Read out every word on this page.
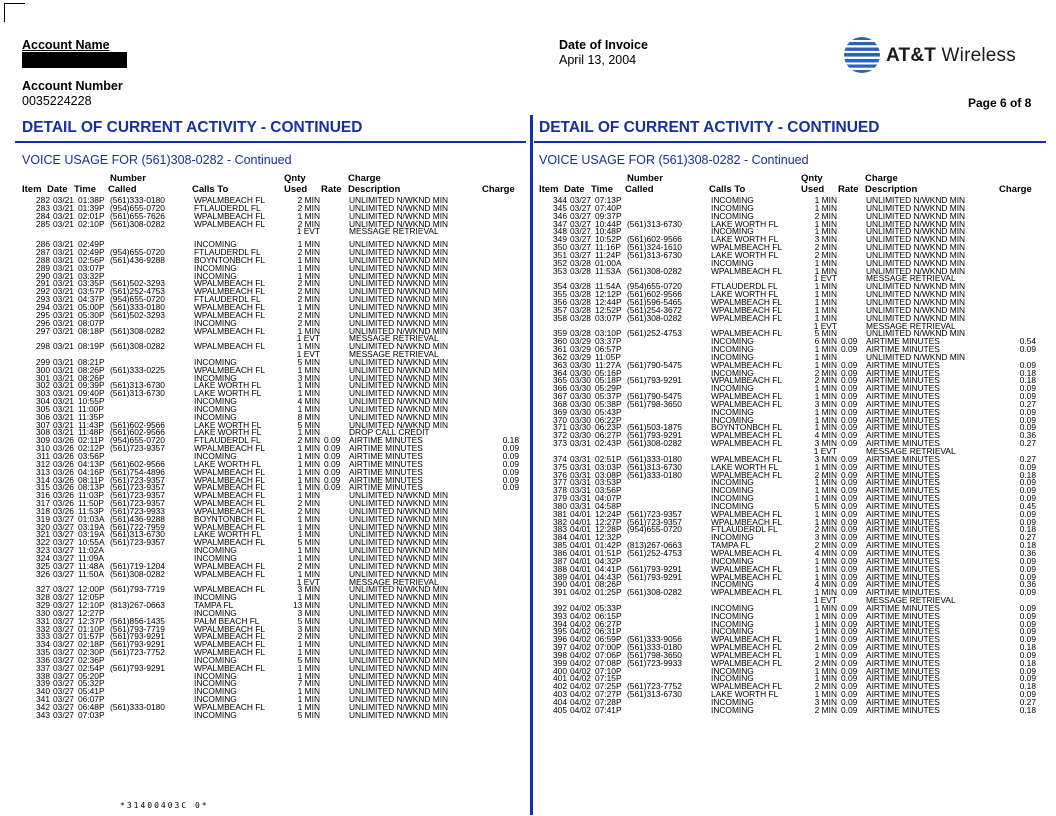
Account Name
Account Number
0035224228
Date of Invoice
April 13, 2004	AT&T Wireless
Page 6 of 8
DETAIL OF CURRENT ACTIVITY - CONTINUED	DETAIL OF CURRENT ACTIVITY - CONTINUED
VOICE USAGE FOR (561)308-0282 - Continued	VOICE USAGE FOR (561)308-0282 - Continued
Number	Qnty	Charge
Item Date Time Called	Calls To	Used Rate Description	Charge
282 03/21 01:38P (561)333-0180	WPALMBEACH FL	2 MIN	UNLIMITED N/WKND MIN
283 03/21 01:39P (954)655-0720	FTLAUDERDL FL	2 MIN	UNLIMITED N/WKND MIN
284 03/21 02:01P (561)655-7626	WPALMBEACH FL	1 MIN	UNLIMITED N/WKND MIN
285 03/21 02:10P (561)308-0282	WPALMBEACH FL	2 MIN	UNLIMITED N/WKND MIN
1 EVT	MESSAGE RETRIEVAL
286 03/21 02:49P	INCOMING	1 MIN	UNLIMITED N/WKND MIN
287 03/21 02:49P (954)655-0720	FTLAUDERDL FL	2 MIN	UNLIMITED N/WKND MIN
288 03/21 02:56P (561)436-9288	BOYNTONBCH FL	1 MIN	UNLIMITED N/WKND MIN
289 03/21 03:07P	INCOMING	1 MIN	UNLIMITED N/WKND MIN
290 03/21 03:32P	INCOMING	1 MIN	UNLIMITED N/WKND MIN
291 03/21 03:35P (561)502-3293	WPALMBEACH FL	2 MIN	UNLIMITED N/WKND MIN
292 03/21 03:57P (561)252-4753	WPALMBEACH FL	2 MIN	UNLIMITED N/WKND MIN
293 03/21 04:37P (954)655-0720	FTLAUDERDL FL	2 MIN	UNLIMITED N/WKND MIN
294 03/21 05:00P (561)333-0180	WPALMBEACH FL	1 MIN	UNLIMITED N/WKND MIN
295 03/21 05:30P (561)502-3293	WPALMBEACH FL	2 MIN	UNLIMITED N/WKND MIN
296 03/21 08:07P	INCOMING	2 MIN	UNLIMITED N/WKND MIN
297 03/21 08:18P (561)308-0282	WPALMBEACH FL	1 MIN	UNLIMITED N/WKND MIN
1 EVT	MESSAGE RETRIEVAL
298 03/21 08:19P (561)308-0282	WPALMBEACH FL	1 MIN	UNLIMITED N/WKND MIN
1 EVT	MESSAGE RETRIEVAL
299 03/21 08:21P	INCOMING	5 MIN	UNLIMITED N/WKND MIN
300 03/21 08:26P (561)333-0225	WPALMBEACH FL	1 MIN	UNLIMITED N/WKND MIN
301 03/21 08:26P	INCOMING	3 MIN	UNLIMITED N/WKND MIN
302 03/21 09:39P (561)313-6730	LAKE WORTH FL	1 MIN	UNLIMITED N/WKND MIN
303 03/21 09:40P (561)313-6730	LAKE WORTH FL	1 MIN	UNLIMITED N/WKND MIN
304 03/21 10:55P	INCOMING	4 MIN	UNLIMITED N/WKND MIN
305 03/21 11:00P	INCOMING	1 MIN	UNLIMITED N/WKND MIN
306 03/21 11:35P	INCOMING	8 MIN	UNLIMITED N/WKND MIN
307 03/21 11:43P (561)602-9566	LAKE WORTH FL	5 MIN	UNLIMITED N/WKND MIN
308 03/21 11:48P (561)602-9566	LAKE WORTH FL	1 MIN	DROP CALL CREDIT
309 03/26 02:11P (954)655-0720	FTLAUDERDL FL	2 MIN 0.09 AIRTIME MINUTES	0.18
310 03/26 02:12P (561)723-9357	WPALMBEACH FL	1 MIN 0.09 AIRTIME MINUTES	0.09
311 03/26 03:56P	INCOMING	1 MIN 0.09 AIRTIME MINUTES	0.09
312 03/26 04:13P (561)602-9566	LAKE WORTH FL	1 MIN 0.09 AIRTIME MINUTES	0.09
313 03/26 04:16P (561)754-4896	WPALMBEACH FL	1 MIN 0.09 AIRTIME MINUTES	0.09
314 03/26 08:11P (561)723-9357	WPALMBEACH FL	1 MIN 0.09 AIRTIME MINUTES	0.09
315 03/26 08:13P (561)723-9357	WPALMBEACH FL	1 MIN 0.09 AIRTIME MINUTES	0.09
316 03/26 11:03P (561)723-9357	WPALMBEACH FL	1 MIN	UNLIMITED N/WKND MIN
317 03/26 11:50P (561)723-9357	WPALMBEACH FL	2 MIN	UNLIMITED N/WKND MIN
318 03/26 11:53P (561)723-9933	WPALMBEACH FL	2 MIN	UNLIMITED N/WKND MIN
319 03/27 01:03A (561)436-9288	BOYNTONBCH FL	1 MIN	UNLIMITED N/WKND MIN
320 03/27 03:19A (561)722-7959	WPALMBEACH FL	1 MIN	UNLIMITED N/WKND MIN
321 03/27 03:19A (561)313-6730	LAKE WORTH FL	1 MIN	UNLIMITED N/WKND MIN
322 03/27 10:55A (561)723-9357	WPALMBEACH FL	5 MIN	UNLIMITED N/WKND MIN
323 03/27 11:02A	INCOMING	1 MIN	UNLIMITED N/WKND MIN
324 03/27 11:09A	INCOMING	1 MIN	UNLIMITED N/WKND MIN
325 03/27 11:48A (561)719-1204	WPALMBEACH FL	2 MIN	UNLIMITED N/WKND MIN
326 03/27 11:50A (561)308-0282	WPALMBEACH FL	1 MIN	UNLIMITED N/WKND MIN
1 EVT	MESSAGE RETRIEVAL
327 03/27 12:00P (561)793-7719	WPALMBEACH FL	3 MIN	UNLIMITED N/WKND MIN
328 03/27 12:05P	INCOMING	1 MIN	UNLIMITED N/WKND MIN
329 03/27 12:10P (813)267-0663	TAMPA FL	13 MIN	UNLIMITED N/WKND MIN
330 03/27 12:27P	INCOMING	3 MIN	UNLIMITED N/WKND MIN
331 03/27 12:37P (561)856-1435	PALM BEACH FL	5 MIN	UNLIMITED N/WKND MIN
332 03/27 01:10P (561)793-7719	WPALMBEACH FL	3 MIN	UNLIMITED N/WKND MIN
333 03/27 01:57P (561)793-9291	WPALMBEACH FL	2 MIN	UNLIMITED N/WKND MIN
334 03/27 02:18P (561)793-9291	WPALMBEACH FL	1 MIN	UNLIMITED N/WKND MIN
335 03/27 02:30P (561)723-7752	WPALMBEACH FL	1 MIN	UNLIMITED N/WKND MIN
336 03/27 02:36P	INCOMING	5 MIN	UNLIMITED N/WKND MIN
337 03/27 02:54P (561)793-9291	WPALMBEACH FL	1 MIN	UNLIMITED N/WKND MIN
338 03/27 05:20P	INCOMING	1 MIN	UNLIMITED N/WKND MIN
339 03/27 05:32P	INCOMING	7 MIN	UNLIMITED N/WKND MIN
340 03/27 05:41P	INCOMING	1 MIN	UNLIMITED N/WKND MIN
341 03/27 06:07P	INCOMING	1 MIN	UNLIMITED N/WKND MIN
342 03/27 06:48P (561)333-0180	WPALMBEACH FL	1 MIN	UNLIMITED N/WKND MIN
343 03/27 07:03P	INCOMING	5 MIN	UNLIMITED N/WKND MIN
Number	Qnty	Charge
Item Date Time Called	Calls To	Used Rate Description	Charge
344 03/27 07:13P	INCOMING	1 MIN	UNLIMITED N/WKND MIN
345 03/27 07:40P	INCOMING	1 MIN	UNLIMITED N/WKND MIN
346 03/27 09:37P	INCOMING	2 MIN	UNLIMITED N/WKND MIN
347 03/27 10:44P (561)313-6730	LAKE WORTH FL	1 MIN	UNLIMITED N/WKND MIN
348 03/27 10:48P	INCOMING	1 MIN	UNLIMITED N/WKND MIN
349 03/27 10:52P (561)602-9566	LAKE WORTH FL	3 MIN	UNLIMITED N/WKND MIN
350 03/27 11:16P (561)324-1610	WPALMBEACH FL	2 MIN	UNLIMITED N/WKND MIN
351 03/27 11:24P (561)313-6730	LAKE WORTH FL	2 MIN	UNLIMITED N/WKND MIN
352 03/28 01:00A	INCOMING	1 MIN	UNLIMITED N/WKND MIN
353 03/28 11:53A (561)308-0282	WPALMBEACH FL	1 MIN	UNLIMITED N/WKND MIN
1 EVT	MESSAGE RETRIEVAL
354 03/28 11:54A (954)655-0720	FTLAUDERDL FL	1 MIN	UNLIMITED N/WKND MIN
355 03/28 12:12P (561)602-9566	LAKE WORTH FL	1 MIN	UNLIMITED N/WKND MIN
356 03/28 12:44P (561)596-5465	WPALMBEACH FL	1 MIN	UNLIMITED N/WKND MIN
357 03/28 12:52P (561)254-3672	WPALMBEACH FL	1 MIN	UNLIMITED N/WKND MIN
358 03/28 03:07P (561)308-0282	WPALMBEACH FL	1 MIN	UNLIMITED N/WKND MIN
1 EVT	MESSAGE RETRIEVAL
359 03/28 03:10P (561)252-4753	WPALMBEACH FL	5 MIN	UNLIMITED N/WKND MIN
360 03/29 03:37P	INCOMING	6 MIN 0.09 AIRTIME MINUTES	0.54
361 03/29 06:57P	INCOMING	1 MIN 0.09 AIRTIME MINUTES	0.09
362 03/29 11:05P	INCOMING	1 MIN	UNLIMITED N/WKND MIN
363 03/30 11:27A (561)790-5475	WPALMBEACH FL	1 MIN 0.09 AIRTIME MINUTES	0.09
364 03/30 05:16P	INCOMING	2 MIN 0.09 AIRTIME MINUTES	0.18
365 03/30 05:18P (561)793-9291	WPALMBEACH FL	2 MIN 0.09 AIRTIME MINUTES	0.18
366 03/30 05:29P	INCOMING	1 MIN 0.09 AIRTIME MINUTES	0.09
367 03/30 05:37P (561)790-5475	WPALMBEACH FL	1 MIN 0.09 AIRTIME MINUTES	0.09
368 03/30 05:38P (561)798-3650	WPALMBEACH FL	3 MIN 0.09 AIRTIME MINUTES	0.27
369 03/30 05:43P	INCOMING	1 MIN 0.09 AIRTIME MINUTES	0.09
370 03/30 06:22P	INCOMING	1 MIN 0.09 AIRTIME MINUTES	0.09
371 03/30 06:23P (561)503-1875	BOYNTONBCH FL	1 MIN 0.09 AIRTIME MINUTES	0.09
372 03/30 06:27P (561)793-9291	WPALMBEACH FL	4 MIN 0.09 AIRTIME MINUTES	0.36
373 03/31 02:43P (561)308-0282	WPALMBEACH FL	3 MIN 0.09 AIRTIME MINUTES	0.27
1 EVT	MESSAGE RETRIEVAL
374 03/31 02:51P (561)333-0180	WPALMBEACH FL	3 MIN 0.09 AIRTIME MINUTES	0.27
375 03/31 03:03P (561)313-6730	LAKE WORTH FL	1 MIN 0.09 AIRTIME MINUTES	0.09
376 03/31 03:08P (561)333-0180	WPALMBEACH FL	2 MIN 0.09 AIRTIME MINUTES	0.18
377 03/31 03:53P	INCOMING	1 MIN 0.09 AIRTIME MINUTES	0.09
378 03/31 03:56P	INCOMING	1 MIN 0.09 AIRTIME MINUTES	0.09
379 03/31 04:07P	INCOMING	1 MIN 0.09 AIRTIME MINUTES	0.09
380 03/31 04:58P	INCOMING	5 MIN 0.09 AIRTIME MINUTES	0.45
381 04/01 12:24P (561)723-9357	WPALMBEACH FL	1 MIN 0.09 AIRTIME MINUTES	0.09
382 04/01 12:27P (561)723-9357	WPALMBEACH FL	1 MIN 0.09 AIRTIME MINUTES	0.09
383 04/01 12:28P (954)655-0720	FTLAUDERDL FL	2 MIN 0.09 AIRTIME MINUTES	0.18
384 04/01 12:32P	INCOMING	3 MIN 0.09 AIRTIME MINUTES	0.27
385 04/01 01:42P (813)267-0663	TAMPA FL	2 MIN 0.09 AIRTIME MINUTES	0.18
386 04/01 01:51P (561)252-4753	WPALMBEACH FL	4 MIN 0.09 AIRTIME MINUTES	0.36
387 04/01 04:32P	INCOMING	1 MIN 0.09 AIRTIME MINUTES	0.09
388 04/01 04:41P (561)793-9291	WPALMBEACH FL	1 MIN 0.09 AIRTIME MINUTES	0.09
389 04/01 04:43P (561)793-9291	WPALMBEACH FL	1 MIN 0.09 AIRTIME MINUTES	0.09
390 04/01 08:26P	INCOMING	4 MIN 0.09 AIRTIME MINUTES	0.36
391 04/02 01:25P (561)308-0282	WPALMBEACH FL	1 MIN 0.09 AIRTIME MINUTES	0.09
1 EVT	MESSAGE RETRIEVAL
392 04/02 05:33P	INCOMING	1 MIN 0.09 AIRTIME MINUTES	0.09
393 04/02 06:15P	INCOMING	1 MIN 0.09 AIRTIME MINUTES	0.09
394 04/02 06:27P	INCOMING	1 MIN 0.09 AIRTIME MINUTES	0.09
395 04/02 06:31P	INCOMING	1 MIN 0.09 AIRTIME MINUTES	0.09
396 04/02 06:59P (561)333-9056	WPALMBEACH FL	1 MIN 0.09 AIRTIME MINUTES	0.09
397 04/02 07:00P (561)333-0180	WPALMBEACH FL	2 MIN 0.09 AIRTIME MINUTES	0.18
398 04/02 07:06P (561)798-3650	WPALMBEACH FL	1 MIN 0.09 AIRTIME MINUTES	0.09
399 04/02 07:08P (561)723-9933	WPALMBEACH FL	2 MIN 0.09 AIRTIME MINUTES	0.18
400 04/02 07:10P	INCOMING	1 MIN 0.09 AIRTIME MINUTES	0.09
401 04/02 07:15P	INCOMING	1 MIN 0.09 AIRTIME MINUTES	0.09
402 04/02 07:25P (561)723-7752	WPALMBEACH FL	2 MIN 0.09 AIRTIME MINUTES	0.18
403 04/02 07:27P (561)313-6730	LAKE WORTH FL	1 MIN 0.09 AIRTIME MINUTES	0.09
404 04/02 07:28P	INCOMING	3 MIN 0.09 AIRTIME MINUTES	0.27
405 04/02 07:41P	INCOMING	2 MIN 0.09 AIRTIME MINUTES	0.18
*31400403C 0*
